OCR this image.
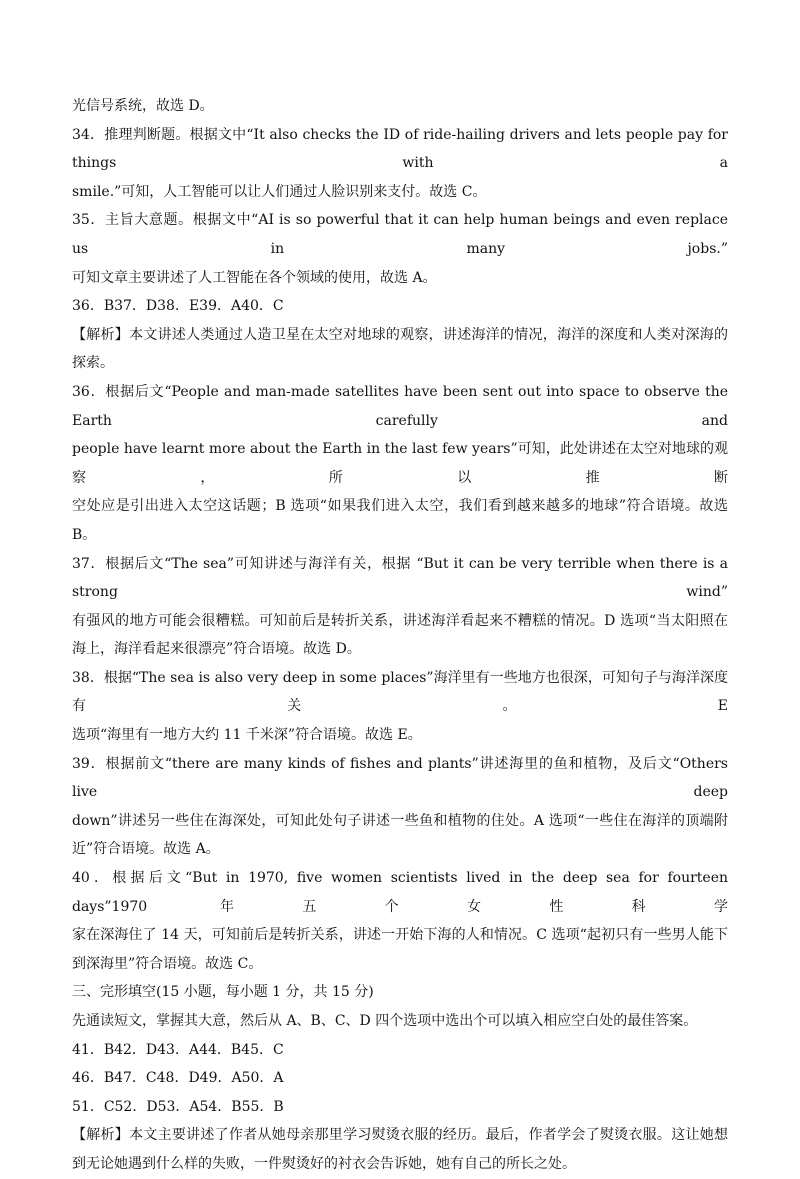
光信号系统，故选 D。
34．推理判断题。根据文中“It also checks the ID of ride-hailing drivers and lets people pay for things with a
smile.”可知，人工智能可以让人们通过人脸识别来支付。故选 C。
35．主旨大意题。根据文中“AI is so powerful that it can help human beings and even replace us in many jobs.”
可知文章主要讲述了人工智能在各个领域的使用，故选 A。
36．B37．D38．E39．A40．C
【解析】本文讲述人类通过人造卫星在太空对地球的观察，讲述海洋的情况，海洋的深度和人类对深海的
探索。
36．根据后文“People and man-made satellites have been sent out into space to observe the Earth carefully and
people have learnt more about the Earth in the last few years”可知，此处讲述在太空对地球的观察，所以推断
空处应是引出进入太空这话题；B 选项“如果我们进入太空，我们看到越来越多的地球”符合语境。故选
B。
37．根据后文“The sea”可知讲述与海洋有关，根据 “But it can be very terrible when there is a strong wind”
有强风的地方可能会很糟糕。可知前后是转折关系，讲述海洋看起来不糟糕的情况。D 选项“当太阳照在
海上，海洋看起来很漂亮”符合语境。故选 D。
38．根据“The sea is also very deep in some places”海洋里有一些地方也很深，可知句子与海洋深度有关。E
选项“海里有一地方大约 11 千米深”符合语境。故选 E。
39．根据前文“there are many kinds of fishes and plants”讲述海里的鱼和植物，及后文“Others live deep
down”讲述另一些住在海深处，可知此处句子讲述一些鱼和植物的住处。A 选项“一些住在海洋的顶端附
近”符合语境。故选 A。
40．根据后文“But in 1970, five women scientists lived in the deep sea for fourteen days”1970 年五个女性科学
家在深海住了 14 天，可知前后是转折关系，讲述一开始下海的人和情况。C 选项“起初只有一些男人能下
到深海里”符合语境。故选 C。
三、完形填空(15 小题，每小题 1 分，共 15 分)
先通读短文，掌握其大意，然后从 A、B、C、D 四个选项中选出个可以填入相应空白处的最佳答案。
41．B42．D43．A44．B45．C
46．B47．C48．D49．A50．A
51．C52．D53．A54．B55．B
【解析】本文主要讲述了作者从她母亲那里学习熨烫衣服的经历。最后，作者学会了熨烫衣服。这让她想
到无论她遇到什么样的失败，一件熨烫好的衬衣会告诉她，她有自己的所长之处。
